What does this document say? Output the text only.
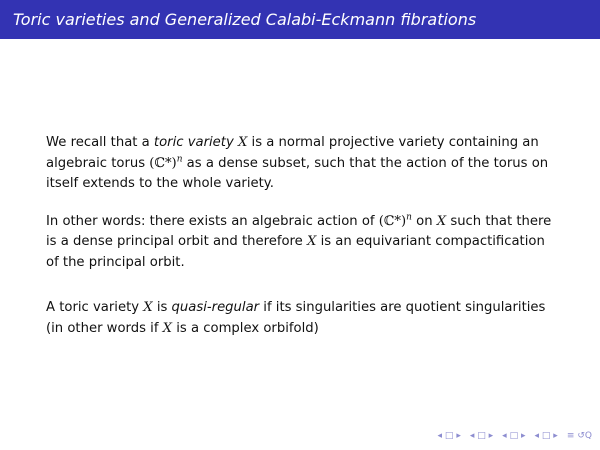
Toric varieties and Generalized Calabi-Eckmann fibrations

We recall that a toric variety X is a normal projective variety containing an algebraic torus (ℂ*)$^n$ as a dense subset, such that the action of the torus on itself extends to the whole variety.

In other words: there exists an algebraic action of (ℂ*)$^n$ on X such that there is a dense principal orbit and therefore X is an equivariant compactification of the principal orbit.

A toric variety X is quasi-regular if its singularities are quotient singularities (in other words if X is a complex orbifold)

◂ □ ▸ ◂ □ ▸ ◂ □ ▸ ◂ □ ▸ ≡ ↺Q
